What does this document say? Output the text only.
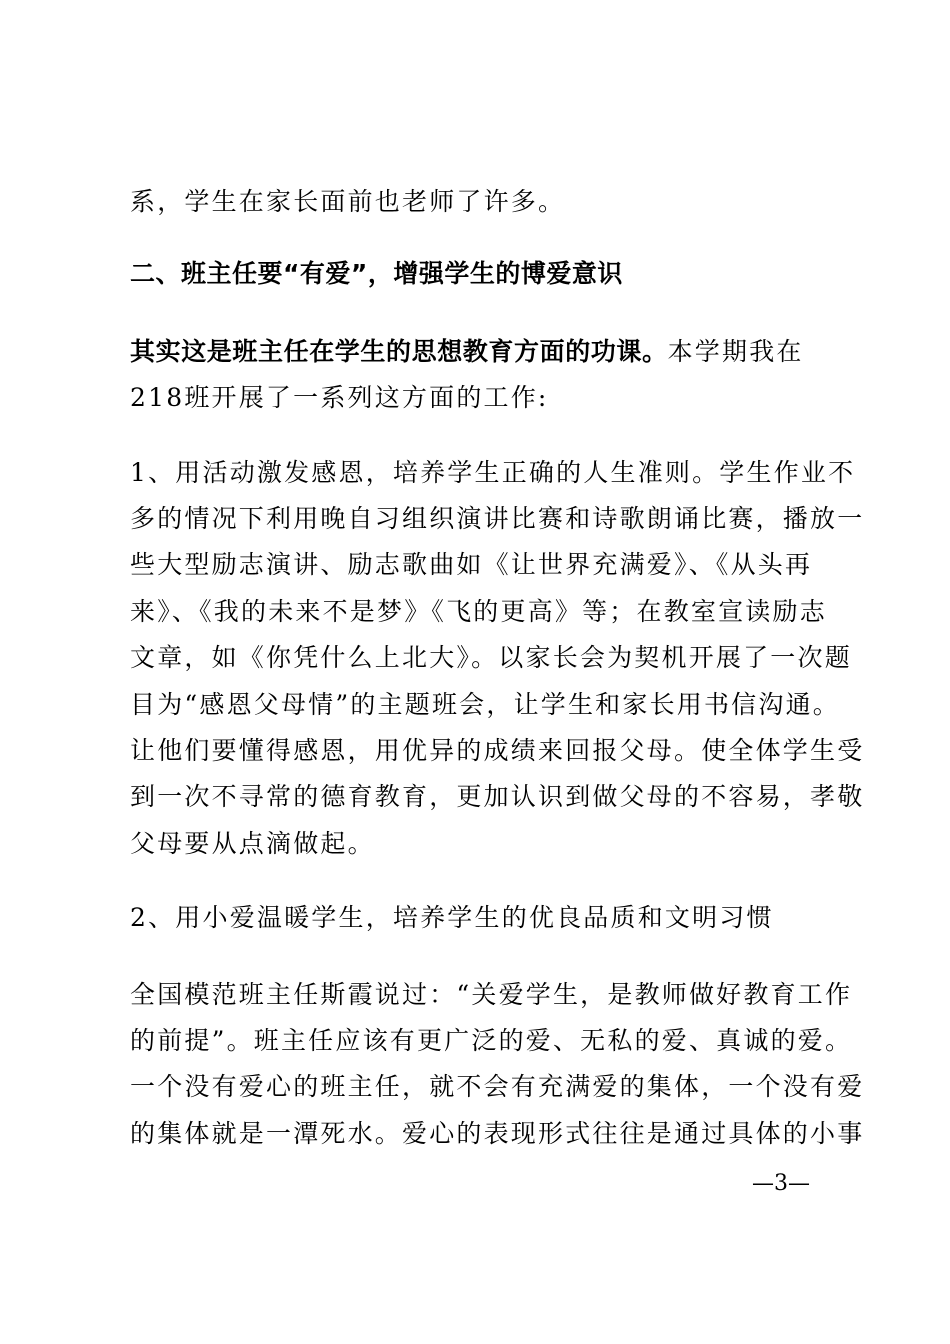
系，学生在家长面前也老师了许多。
二、班主任要“有爱”，增强学生的博爱意识
其实这是班主任在学生的思想教育方面的功课。本学期我在
218班开展了一系列这方面的工作:
1、用活动激发感恩，培养学生正确的人生准则。学生作业不
多的情况下利用晚自习组织演讲比赛和诗歌朗诵比赛，播放一
些大型励志演讲、励志歌曲如《让世界充满爱》、《从头再
来》、《我的未来不是梦》《飞的更高》等；在教室宣读励志
文章，如《你凭什么上北大》。以家长会为契机开展了一次题
目为“感恩父母情”的主题班会，让学生和家长用书信沟通。
让他们要懂得感恩，用优异的成绩来回报父母。使全体学生受
到一次不寻常的德育教育，更加认识到做父母的不容易，孝敬
父母要从点滴做起。
2、用小爱温暖学生，培养学生的优良品质和文明习惯
全国模范班主任斯霞说过：“关爱学生，是教师做好教育工作
的前提”。班主任应该有更广泛的爱、无私的爱、真诚的爱。
一个没有爱心的班主任，就不会有充满爱的集体，一个没有爱
的集体就是一潭死水。爱心的表现形式往往是通过具体的小事
—3—
